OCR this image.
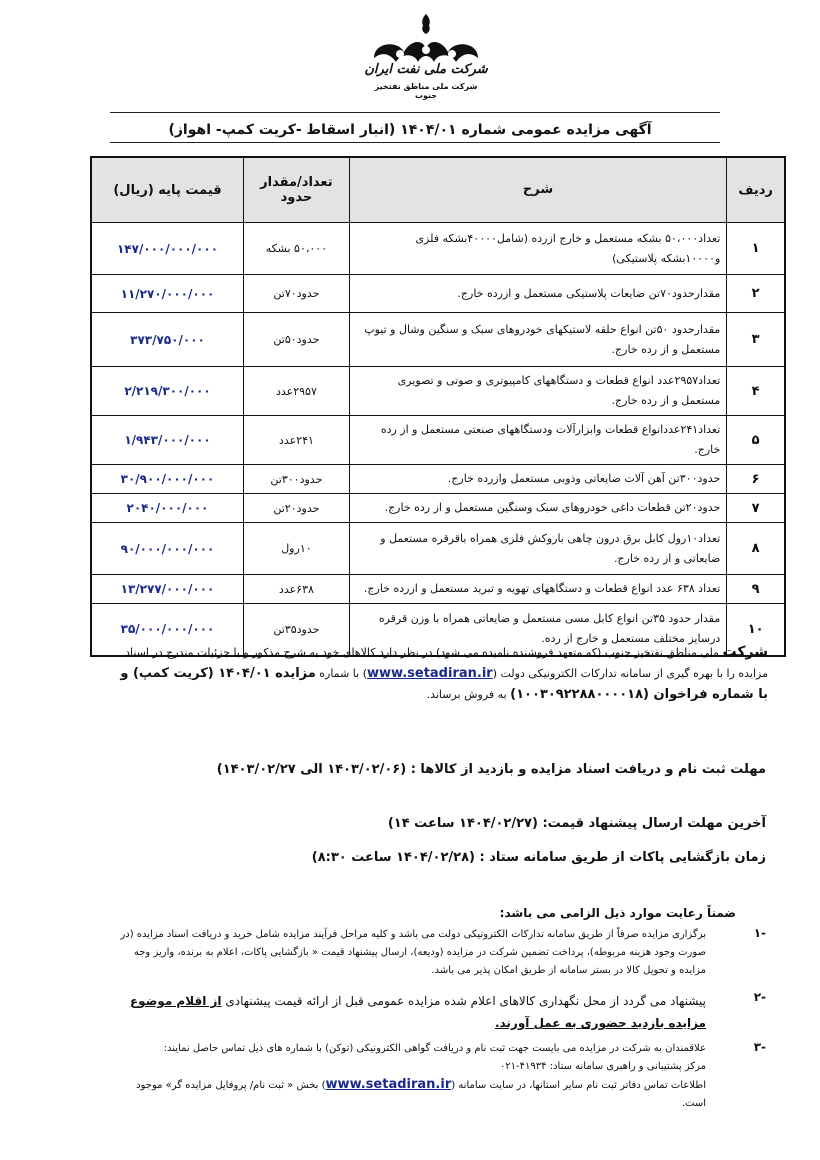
شرکت ملی نفت ایران
شرکت ملی مناطق نفتخیز جنوب
آگهی مزایده عمومی شماره ۱۴۰۴/۰۱ (انبار اسقاط -کریت کمپ- اهواز)
ردیف	شرح	تعداد/مقدار حدود	قیمت پایه (ریال)
۱	تعداد۵۰،۰۰۰ بشکه مستعمل و خارج ازرده (شامل۴۰۰۰۰بشکه فلزی و۱۰۰۰۰بشکه پلاستیکی)	۵۰،۰۰۰ بشکه	۱۴۷/۰۰۰/۰۰۰/۰۰۰
۲	مقدارحدود۷۰تن ضایعات پلاستیکی مستعمل و ازرده خارج.	حدود۷۰تن	۱۱/۲۷۰/۰۰۰/۰۰۰
۳	مقدارحدود ۵۰تن انواع حلقه لاستیکهای خودروهای سبک و سنگین وشال و تیوپ مستعمل و از رده خارج.	حدود۵۰تن	۳۷۳/۷۵۰/۰۰۰
۴	تعداد۲۹۵۷عدد انواع قطعات و دستگاههای کامپیوتری و صوتی و تصویری مستعمل و از رده خارج.	۲۹۵۷عدد	۲/۲۱۹/۳۰۰/۰۰۰
۵	تعداد۲۴۱عددانواع قطعات وابزارآلات ودستگاههای صنعتی مستعمل و از رده خارج.	۲۴۱عدد	۱/۹۴۳/۰۰۰/۰۰۰
۶	حدود۳۰۰تن آهن آلات ضایعاتی وذوبی مستعمل وازرده خارج.	حدود۳۰۰تن	۳۰/۹۰۰/۰۰۰/۰۰۰
۷	حدود۲۰تن قطعات داغی خودروهای سبک وسنگین مستعمل و از رده خارج.	حدود۲۰تن	۲۰۴۰/۰۰۰/۰۰۰
۸	تعداد۱۰رول کابل برق درون چاهی باروکش فلزی همراه باقرقره مستعمل و ضایعاتی و از رده خارج.	۱۰رول	۹۰/۰۰۰/۰۰۰/۰۰۰
۹	تعداد ۶۳۸ عدد انواع قطعات و دستگاههای تهویه و تبرید مستعمل و ازرده خارج.	۶۳۸عدد	۱۳/۲۷۷/۰۰۰/۰۰۰
۱۰	مقدار حدود ۳۵تن انواع کابل مسی مستعمل و ضایعاتی همراه با وزن قرقره درسایز مختلف مستعمل و خارج از رده.	حدود۳۵تن	۳۵/۰۰۰/۰۰۰/۰۰۰
شرکت ملی مناطق نفتخیز جنوب (که متعهد فروشنده نامیده می شود) در نظر دارد کالاهای خود به شرح مذکور و با جزئیات مندرج در اسناد مزایده را با بهره گیری از سامانه تدارکات الکترونیکی دولت (www.setadiran.ir) با شماره مزایده ۱۴۰۴/۰۱ (کریت کمپ) و با شماره فراخوان (۱۰۰۳۰۹۲۲۸۸۰۰۰۰۱۸) به فروش برساند.
مهلت ثبت نام و دریافت اسناد مزایده و بازدید از کالاها : (۱۴۰۳/۰۲/۰۶ الی ۱۴۰۳/۰۲/۲۷)
آخرین مهلت ارسال پیشنهاد قیمت: (۱۴۰۴/۰۲/۲۷ ساعت ۱۴)
زمان بازگشایی پاکات از طریق سامانه ستاد : (۱۴۰۴/۰۲/۲۸ ساعت ۸:۳۰)
ضمناً رعایت موارد ذیل الزامی می باشد:
-۱
برگزاری مزایده صرفاً از طریق سامانه تدارکات الکترونیکی دولت می باشد و کلیه مراحل فرآیند مزایده شامل خرید و دریافت اسناد مزایده (در صورت وجود هزینه مربوطه)، پرداخت تضمین شرکت در مزایده (ودیعه)، ارسال پیشنهاد قیمت « بازگشایی پاکات، اعلام به برنده، واریز وجه مزایده و تحویل کالا در بستر سامانه از طریق امکان پذیر می باشد.
-۲
پیشنهاد می گردد از محل نگهداری کالاهای اعلام شده مزایده عمومی قبل از ارائه قیمت پیشنهادی از اقلام موضوع مزایده بازدید حضوری به عمل آورند.
-۳
علاقمندان به شرکت در مزایده می بایست جهت ثبت نام و دریافت گواهی الکترونیکی (توکن) با شماره های ذیل تماس حاصل نمایند:
مرکز پشتیبانی و راهبری سامانه ستاد: ۴۱۹۳۴-۰۲۱
اطلاعات تماس دفاتر ثبت نام سایر استانها، در سایت سامانه (www.setadiran.ir) بخش « ثبت نام/ پروفایل مزایده گر» موجود است.
